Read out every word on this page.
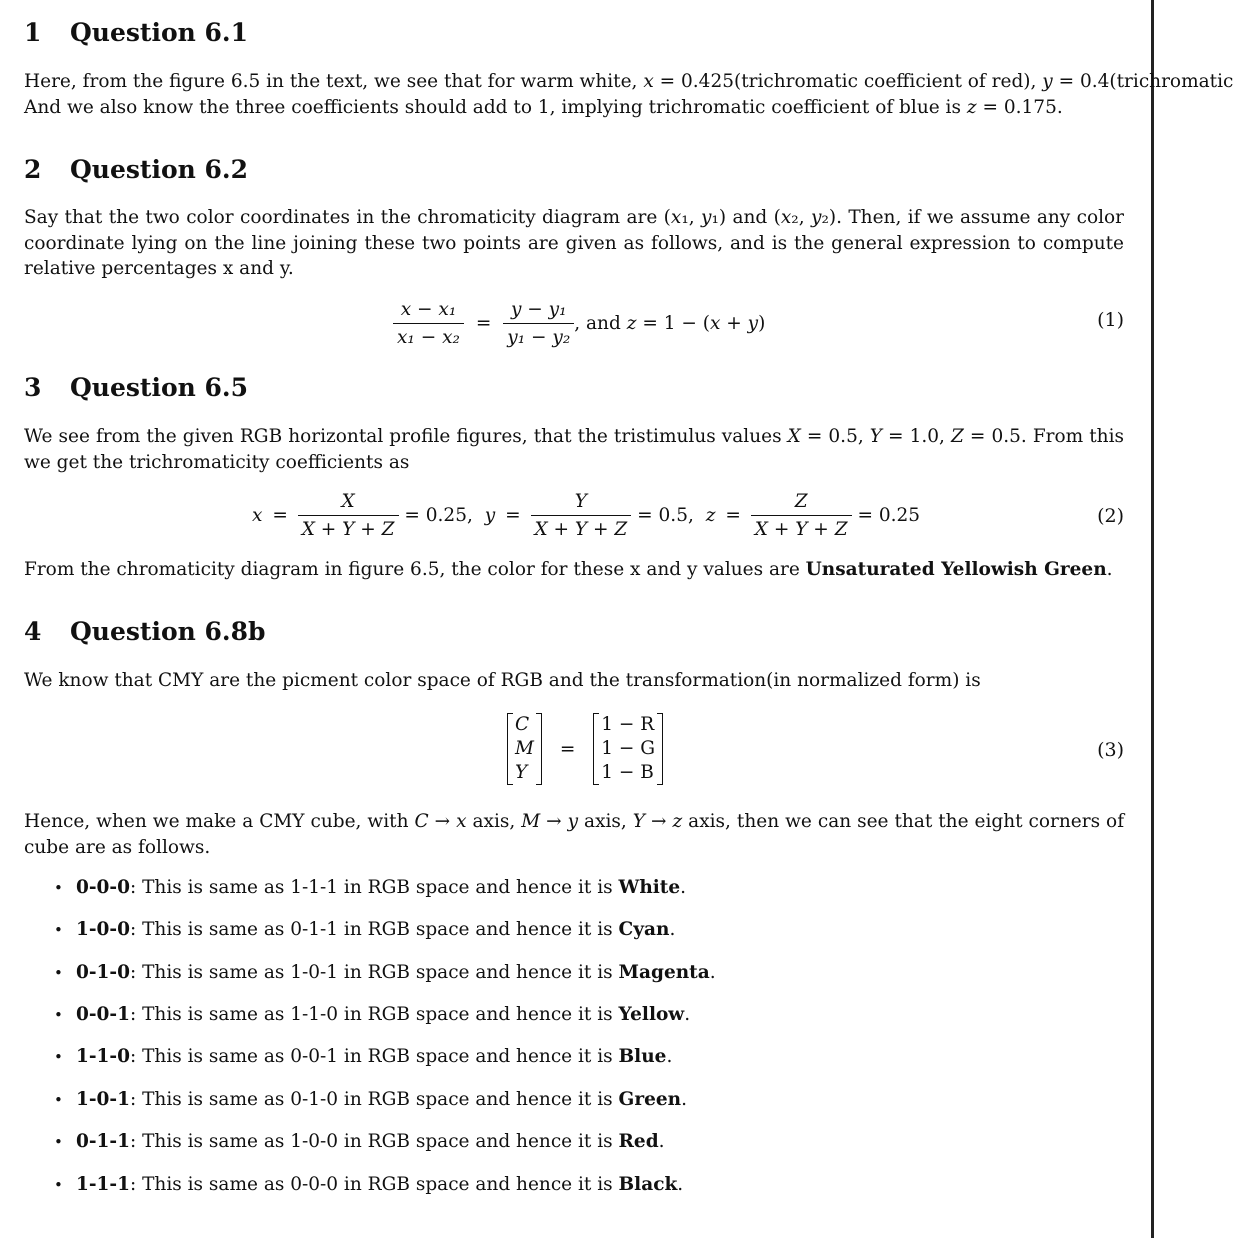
1 Question 6.1
Here, from the figure 6.5 in the text, we see that for warm white, x = 0.425(trichromatic coefficient of red), y = 0.4(trichromatic
And we also know the three coefficients should add to 1, implying trichromatic coefficient of blue is z = 0.175.
2 Question 6.2
Say that the two color coordinates in the chromaticity diagram are (x₁, y₁) and (x₂, y₂). Then, if we assume any color coordinate lying on the line joining these two points are given as follows, and is the general expression to compute relative percentages x and y.
$\frac{\text{x − x₁}}{\text{x₁ − x₂}} = \frac{\text{y − y₁}}{\text{y₁ − y₂}}$ , and z = 1 − (x + y)	(1)
3 Question 6.5
We see from the given RGB horizontal profile figures, that the tristimulus values X = 0.5, Y = 1.0, Z = 0.5. From this we get the trichromaticity coefficients as
$x = \frac{X}{X + Y + Z} = 0.25$, $y = \frac{Y}{X + Y + Z} = 0.5$, $z = \frac{Z}{X + Y + Z} = 0.25$	(2)
From the chromaticity diagram in figure 6.5, the color for these x and y values are Unsaturated Yellowish Green.
4 Question 6.8b
We know that CMY are the picment color space of RGB and the transformation(in normalized form) is
C
M
Y
=
1 − R
1 − G
1 − B
(3)
Hence, when we make a CMY cube, with C → x axis, M → y axis, Y → z axis, then we can see that the eight corners of cube are as follows.
• 0-0-0: This is same as 1-1-1 in RGB space and hence it is White.
• 1-0-0: This is same as 0-1-1 in RGB space and hence it is Cyan.
• 0-1-0: This is same as 1-0-1 in RGB space and hence it is Magenta.
• 0-0-1: This is same as 1-1-0 in RGB space and hence it is Yellow.
• 1-1-0: This is same as 0-0-1 in RGB space and hence it is Blue.
• 1-0-1: This is same as 0-1-0 in RGB space and hence it is Green.
• 0-1-1: This is same as 1-0-0 in RGB space and hence it is Red.
• 1-1-1: This is same as 0-0-0 in RGB space and hence it is Black.
